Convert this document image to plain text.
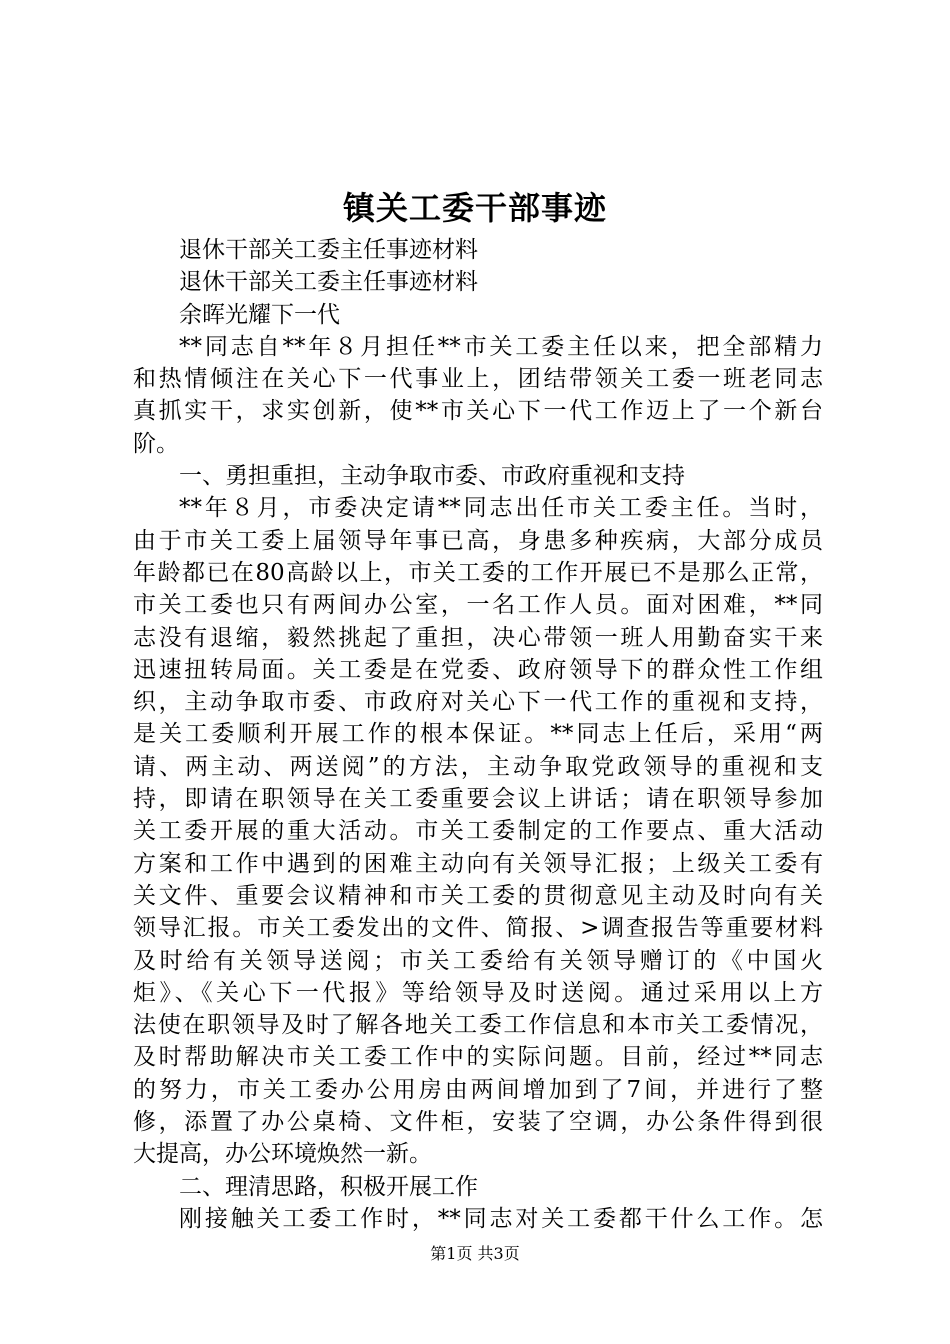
镇关工委干部事迹
退休干部关工委主任事迹材料
退休干部关工委主任事迹材料
余晖光耀下一代
**同志自**年８月担任**市关工委主任以来，把全部精力
和热情倾注在关心下一代事业上，团结带领关工委一班老同志
真抓实干，求实创新，使**市关心下一代工作迈上了一个新台
阶。
一、勇担重担，主动争取市委、市政府重视和支持
**年８月，市委决定请**同志出任市关工委主任。当时，
由于市关工委上届领导年事已高，身患多种疾病，大部分成员
年龄都已在80高龄以上，市关工委的工作开展已不是那么正常，
市关工委也只有两间办公室，一名工作人员。面对困难，**同
志没有退缩，毅然挑起了重担，决心带领一班人用勤奋实干来
迅速扭转局面。关工委是在党委、政府领导下的群众性工作组
织，主动争取市委、市政府对关心下一代工作的重视和支持，
是关工委顺利开展工作的根本保证。**同志上任后，采用“两
请、两主动、两送阅”的方法，主动争取党政领导的重视和支
持，即请在职领导在关工委重要会议上讲话；请在职领导参加
关工委开展的重大活动。市关工委制定的工作要点、重大活动
方案和工作中遇到的困难主动向有关领导汇报；上级关工委有
关文件、重要会议精神和市关工委的贯彻意见主动及时向有关
领导汇报。市关工委发出的文件、简报、>调查报告等重要材料
及时给有关领导送阅；市关工委给有关领导赠订的《中国火
炬》、《关心下一代报》等给领导及时送阅。通过采用以上方
法使在职领导及时了解各地关工委工作信息和本市关工委情况，
及时帮助解决市关工委工作中的实际问题。目前，经过**同志
的努力，市关工委办公用房由两间增加到了7间，并进行了整
修，添置了办公桌椅、文件柜，安装了空调，办公条件得到很
大提高，办公环境焕然一新。
二、理清思路，积极开展工作
刚接触关工委工作时，**同志对关工委都干什么工作。怎
第1页 共3页
